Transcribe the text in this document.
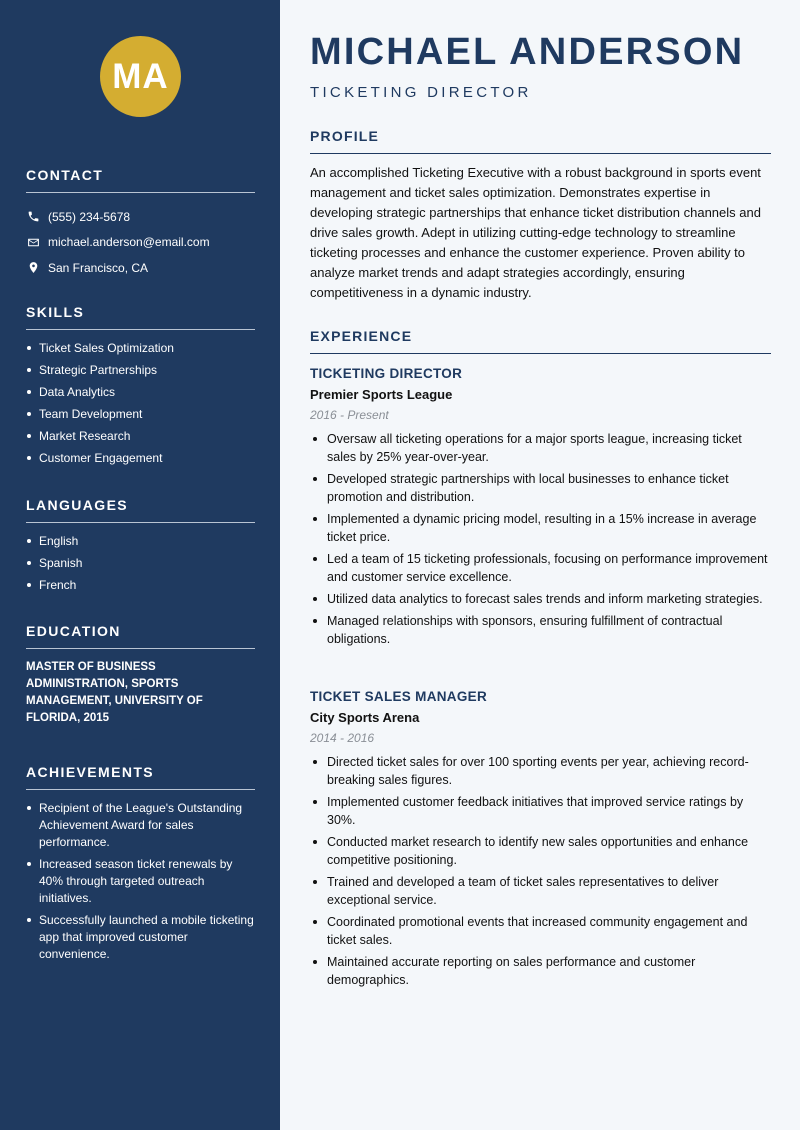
MA
CONTACT
(555) 234-5678
michael.anderson@email.com
San Francisco, CA
SKILLS
Ticket Sales Optimization
Strategic Partnerships
Data Analytics
Team Development
Market Research
Customer Engagement
LANGUAGES
English
Spanish
French
EDUCATION
MASTER OF BUSINESS ADMINISTRATION, SPORTS MANAGEMENT, UNIVERSITY OF FLORIDA, 2015
ACHIEVEMENTS
Recipient of the League's Outstanding Achievement Award for sales performance.
Increased season ticket renewals by 40% through targeted outreach initiatives.
Successfully launched a mobile ticketing app that improved customer convenience.
MICHAEL ANDERSON
TICKETING DIRECTOR
PROFILE
An accomplished Ticketing Executive with a robust background in sports event management and ticket sales optimization. Demonstrates expertise in developing strategic partnerships that enhance ticket distribution channels and drive sales growth. Adept in utilizing cutting-edge technology to streamline ticketing processes and enhance the customer experience. Proven ability to analyze market trends and adapt strategies accordingly, ensuring competitiveness in a dynamic industry.
EXPERIENCE
TICKETING DIRECTOR
Premier Sports League
2016 - Present
Oversaw all ticketing operations for a major sports league, increasing ticket sales by 25% year-over-year.
Developed strategic partnerships with local businesses to enhance ticket promotion and distribution.
Implemented a dynamic pricing model, resulting in a 15% increase in average ticket price.
Led a team of 15 ticketing professionals, focusing on performance improvement and customer service excellence.
Utilized data analytics to forecast sales trends and inform marketing strategies.
Managed relationships with sponsors, ensuring fulfillment of contractual obligations.
TICKET SALES MANAGER
City Sports Arena
2014 - 2016
Directed ticket sales for over 100 sporting events per year, achieving record-breaking sales figures.
Implemented customer feedback initiatives that improved service ratings by 30%.
Conducted market research to identify new sales opportunities and enhance competitive positioning.
Trained and developed a team of ticket sales representatives to deliver exceptional service.
Coordinated promotional events that increased community engagement and ticket sales.
Maintained accurate reporting on sales performance and customer demographics.
